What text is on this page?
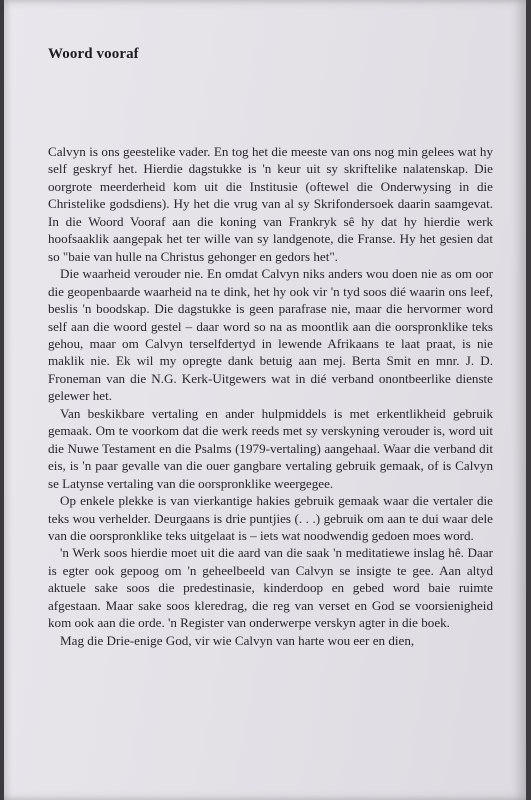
Woord vooraf

Calvyn is ons geestelike vader. En tog het die meeste van ons nog min gelees wat hy self geskryf het. Hierdie dagstukke is 'n keur uit sy skriftelike nalatenskap. Die oorgrote meerderheid kom uit die Institusie (oftewel die Onderwysing in die Christelike godsdiens). Hy het die vrug van al sy Skrifondersoek daarin saamgevat. In die Woord Vooraf aan die koning van Frankryk sê hy dat hy hierdie werk hoofsaaklik aangepak het ter wille van sy landgenote, die Franse. Hy het gesien dat so "baie van hulle na Christus gehonger en gedors het".

Die waarheid verouder nie. En omdat Calvyn niks anders wou doen nie as om oor die geopenbaarde waarheid na te dink, het hy ook vir 'n tyd soos dié waarin ons leef, beslis 'n boodskap. Die dagstukke is geen parafrase nie, maar die hervormer word self aan die woord gestel – daar word so na as moontlik aan die oorspronklike teks gehou, maar om Calvyn terselfdertyd in lewende Afrikaans te laat praat, is nie maklik nie. Ek wil my opregte dank betuig aan mej. Berta Smit en mnr. J. D. Froneman van die N.G. Kerk-Uitgewers wat in dié verband onontbeerlike dienste gelewer het.

Van beskikbare vertaling en ander hulpmiddels is met erkentlikheid gebruik gemaak. Om te voorkom dat die werk reeds met sy verskyning verouder is, word uit die Nuwe Testament en die Psalms (1979-vertaling) aangehaal. Waar die verband dit eis, is 'n paar gevalle van die ouer gangbare vertaling gebruik gemaak, of is Calvyn se Latynse vertaling van die oorspronklike weergegee.

Op enkele plekke is van vierkantige hakies gebruik gemaak waar die vertaler die teks wou verhelder. Deurgaans is drie puntjies (. . .) gebruik om aan te dui waar dele van die oorspronklike teks uitgelaat is – iets wat noodwendig gedoen moes word.

'n Werk soos hierdie moet uit die aard van die saak 'n meditatiewe inslag hê. Daar is egter ook gepoog om 'n geheelbeeld van Calvyn se insigte te gee. Aan altyd aktuele sake soos die predestinasie, kinderdoop en gebed word baie ruimte afgestaan. Maar sake soos kleredrag, die reg van verset en God se voorsienigheid kom ook aan die orde. 'n Register van onderwerpe verskyn agter in die boek.

Mag die Drie-enige God, vir wie Calvyn van harte wou eer en dien,
